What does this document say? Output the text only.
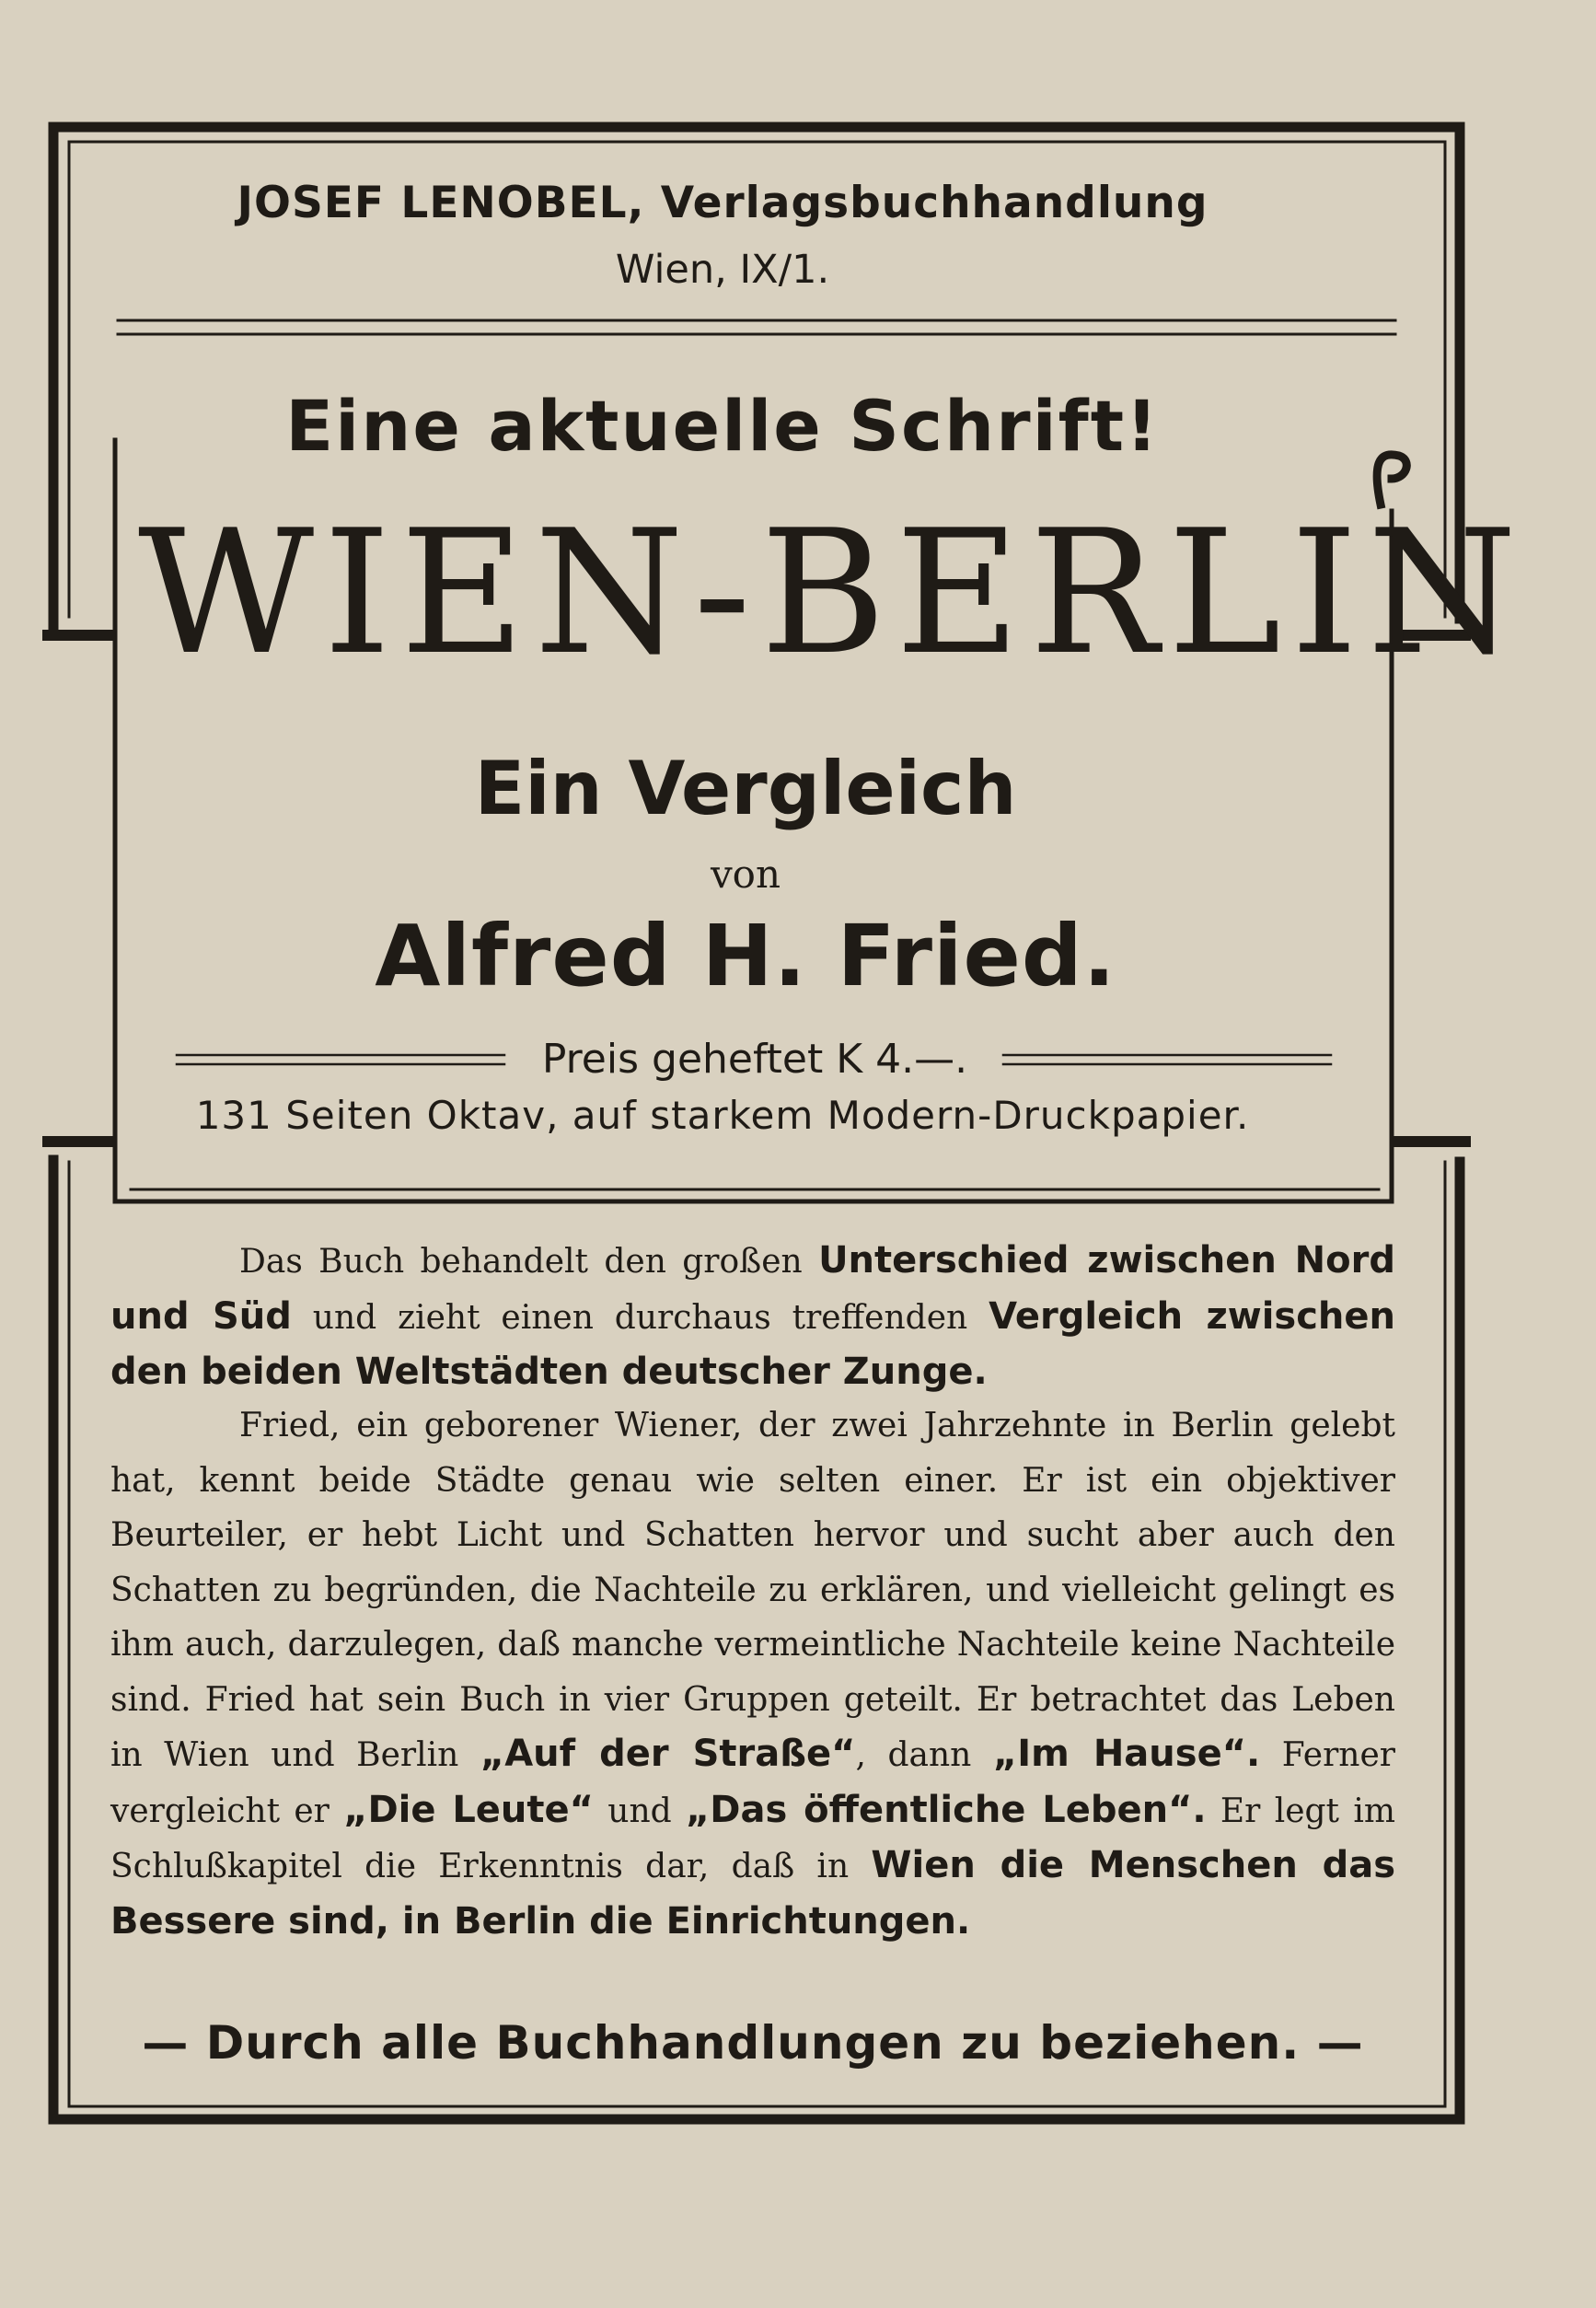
JOSEF LENOBEL, Verlagsbuchhandlung
Wien, IX/1.
Eine aktuelle Schrift!
WIEN-BERLIN
Ein Vergleich
von
Alfred H. Fried.
Preis geheftet K 4.—.
131 Seiten Oktav, auf starkem Modern-Druckpapier.
Das Buch behandelt den großen Unterschied zwischen Nord und Süd und zieht einen durchaus treffenden Vergleich zwischen den beiden Weltstädten deutscher Zunge.
Fried, ein geborener Wiener, der zwei Jahrzehnte in Berlin gelebt hat, kennt beide Städte genau wie selten einer. Er ist ein objektiver Beurteiler, er hebt Licht und Schatten hervor und sucht aber auch den Schatten zu begründen, die Nachteile zu erklären, und vielleicht gelingt es ihm auch, darzulegen, daß manche vermeintliche Nachteile keine Nachteile sind. Fried hat sein Buch in vier Gruppen geteilt. Er betrachtet das Leben in Wien und Berlin „Auf der Straße“, dann „Im Hause“. Ferner vergleicht er „Die Leute“ und „Das öffentliche Leben“. Er legt im Schlußkapitel die Erkenntnis dar, daß in Wien die Menschen das Bessere sind, in Berlin die Einrichtungen.
— Durch alle Buchhandlungen zu beziehen. —
